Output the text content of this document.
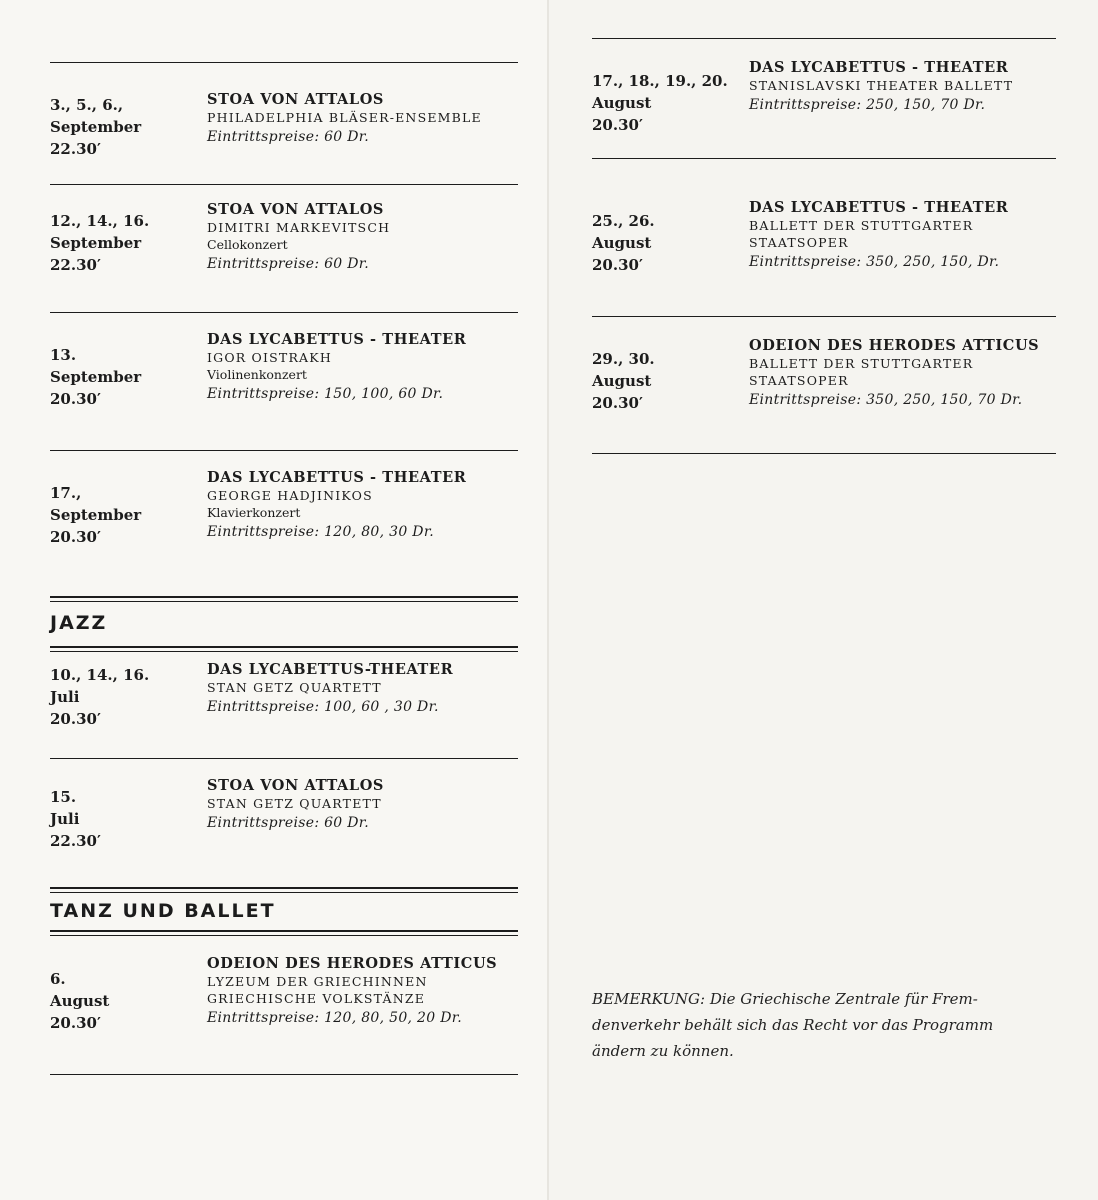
3., 5., 6.,
September
22.30′
STOA VON ATTALOS
PHILADELPHIA BLÄSER-ENSEMBLE
Eintrittspreise: 60 Dr.
12., 14., 16.
September
22.30′
STOA VON ATTALOS
DIMITRI MARKEVITSCH
Cellokonzert
Eintrittspreise: 60 Dr.
13.
September
20.30′
DAS LYCABETTUS - THEATER
IGOR OISTRAKH
Violinenkonzert
Eintrittspreise: 150, 100, 60 Dr.
17.,
September
20.30′
DAS LYCABETTUS - THEATER
GEORGE HADJINIKOS
Klavierkonzert
Eintrittspreise: 120, 80, 30 Dr.
JAZZ
10., 14., 16.
Juli
20.30′
DAS LYCABETTUS-THEATER
STAN GETZ QUARTETT
Eintrittspreise: 100, 60 , 30 Dr.
15.
Juli
22.30′
STOA VON ATTALOS
STAN GETZ QUARTETT
Eintrittspreise: 60 Dr.
TANZ UND BALLET
6.
August
20.30′
ODEION DES HERODES ATTICUS
LYZEUM DER GRIECHINNEN
GRIECHISCHE VOLKSTÄNZE
Eintrittspreise: 120, 80, 50, 20 Dr.
17., 18., 19., 20.
August
20.30′
DAS LYCABETTUS - THEATER
STANISLAVSKI THEATER BALLETT
Eintrittspreise: 250, 150, 70 Dr.
25., 26.
August
20.30′
DAS LYCABETTUS - THEATER
BALLETT DER STUTTGARTER
STAATSOPER
Eintrittspreise: 350, 250, 150, Dr.
29., 30.
August
20.30′
ODEION DES HERODES ATTICUS
BALLETT DER STUTTGARTER
STAATSOPER
Eintrittspreise: 350, 250, 150, 70 Dr.
BEMERKUNG: Die Griechische Zentrale für Frem-
denverkehr behält sich das Recht vor das Programm
ändern zu können.
